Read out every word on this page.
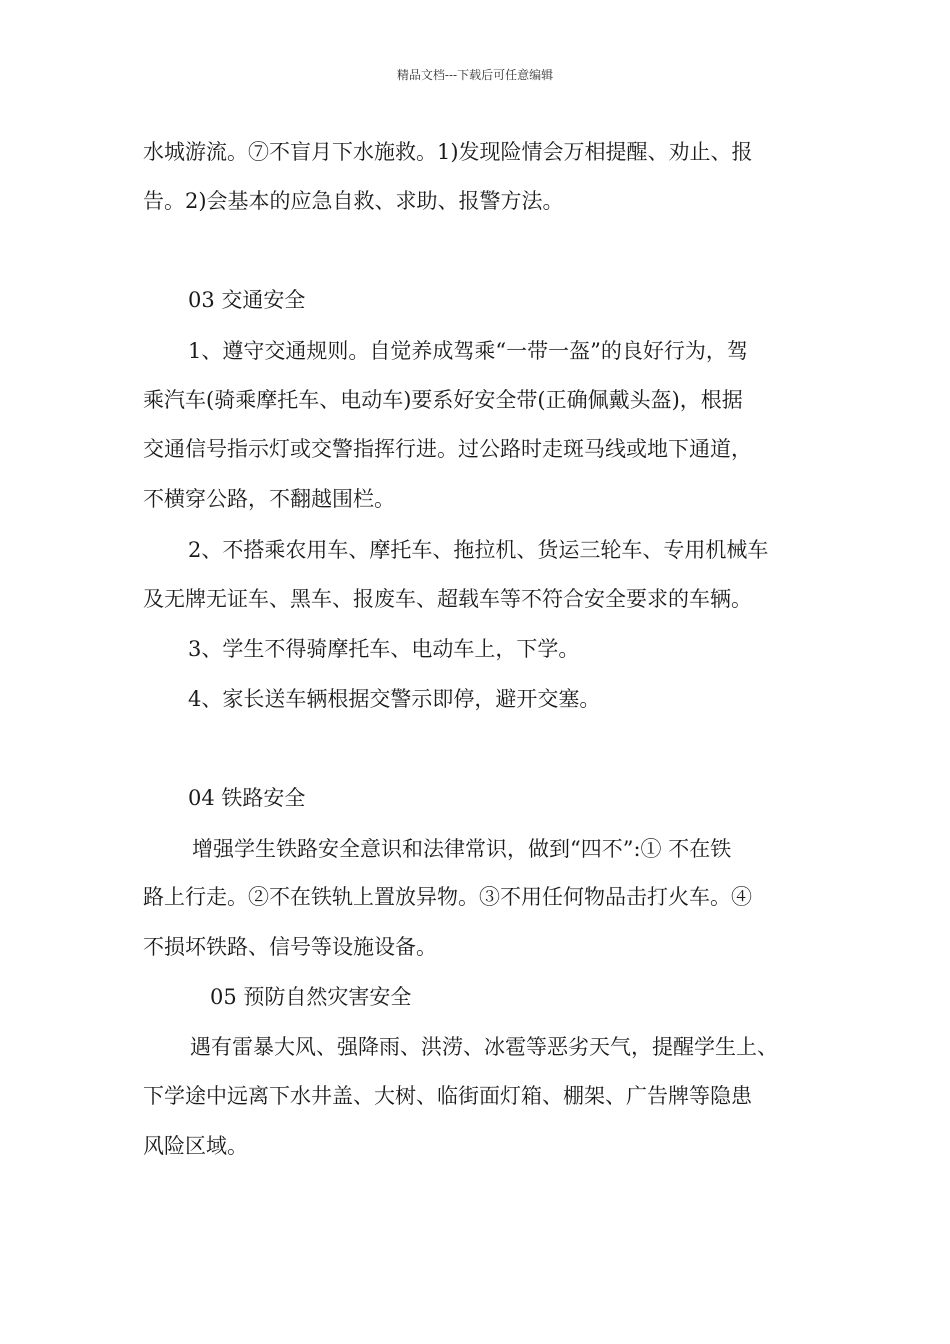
精品文档---下载后可任意编辑
水城游流。⑦不盲月下水施救。1)发现险情会万相提醒、劝止、报
告。2)会基本的应急自救、求助、报警方法。
03 交通安全
1、遵守交通规则。自觉养成驾乘“一带一盔”的良好行为，驾
乘汽车(骑乘摩托车、电动车)要系好安全带(正确佩戴头盔)，根据
交通信号指示灯或交警指挥行进。过公路时走斑马线或地下通道，
不横穿公路，不翻越围栏。
2、不搭乘农用车、摩托车、拖拉机、货运三轮车、专用机械车
及无牌无证车、黑车、报废车、超载车等不符合安全要求的车辆。
3、学生不得骑摩托车、电动车上，下学。
4、家长送车辆根据交警示即停，避开交塞。
04 铁路安全
增强学生铁路安全意识和法律常识，做到“四不”:① 不在铁
路上行走。②不在铁轨上置放异物。③不用任何物品击打火车。④
不损坏铁路、信号等设施设备。
05 预防自然灾害安全
遇有雷暴大风、强降雨、洪涝、冰雹等恶劣天气，提醒学生上、
下学途中远离下水井盖、大树、临街面灯箱、棚架、广告牌等隐患
风险区域。
